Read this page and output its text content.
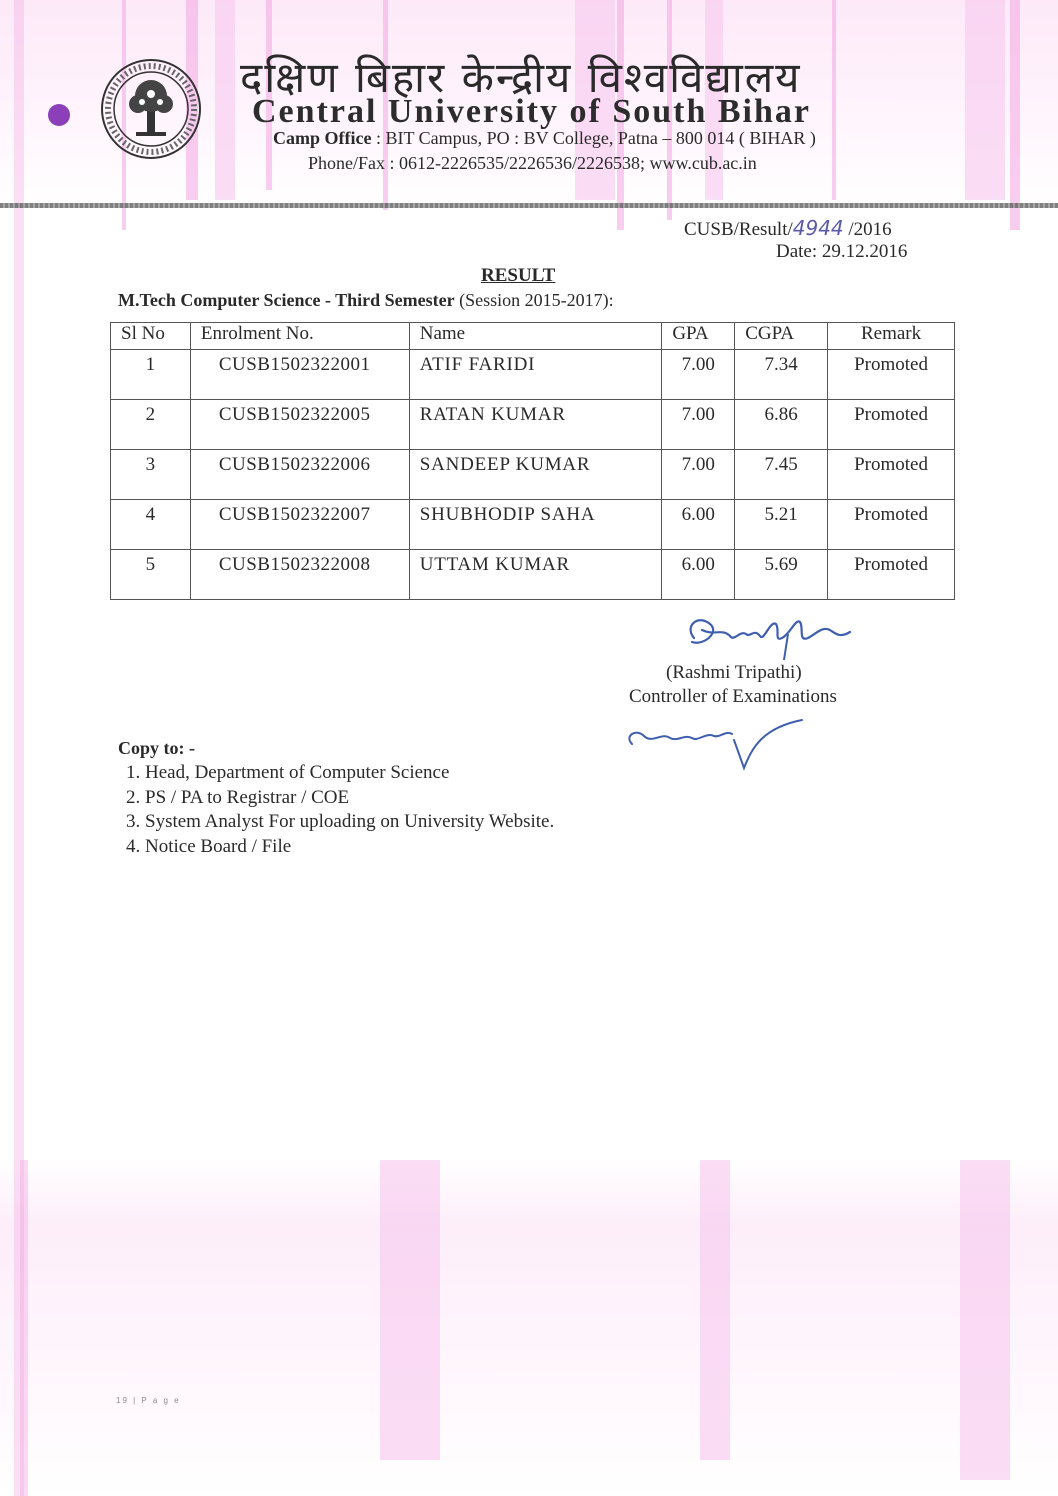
दक्षिण बिहार केन्द्रीय विश्वविद्यालय
Central University of South Bihar
Camp Office : BIT Campus, PO : BV College, Patna – 800 014 ( BIHAR )
Phone/Fax : 0612-2226535/2226536/2226538; www.cub.ac.in
CUSB/Result/4944 /2016
Date: 29.12.2016
RESULT
M.Tech Computer Science - Third Semester (Session 2015-2017):
Sl No	Enrolment No.	Name	GPA	CGPA	Remark
1	CUSB1502322001	ATIF FARIDI	7.00	7.34	Promoted
2	CUSB1502322005	RATAN KUMAR	7.00	6.86	Promoted
3	CUSB1502322006	SANDEEP KUMAR	7.00	7.45	Promoted
4	CUSB1502322007	SHUBHODIP SAHA	6.00	5.21	Promoted
5	CUSB1502322008	UTTAM KUMAR	6.00	5.69	Promoted
(Rashmi Tripathi)
Controller of Examinations
Copy to: -
1. Head, Department of Computer Science
2. PS / PA to Registrar / COE
3. System Analyst For uploading on University Website.
4. Notice Board / File
19 | P a g e
